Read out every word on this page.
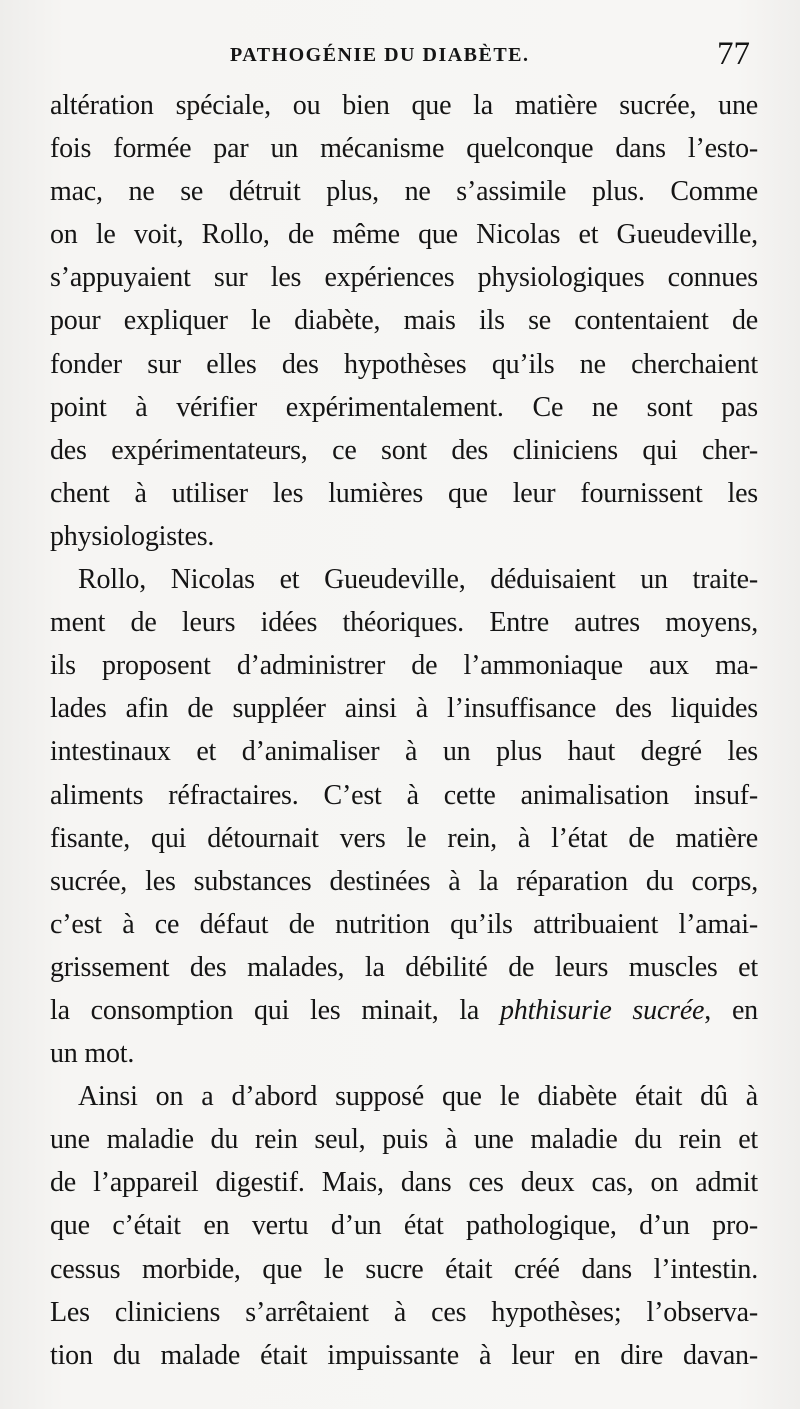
PATHOGÉNIE DU DIABÈTE.	77
altération spéciale, ou bien que la matière sucrée, une
fois formée par un mécanisme quelconque dans l’esto-
mac, ne se détruit plus, ne s’assimile plus. Comme
on le voit, Rollo, de même que Nicolas et Gueudeville,
s’appuyaient sur les expériences physiologiques connues
pour expliquer le diabète, mais ils se contentaient de
fonder sur elles des hypothèses qu’ils ne cherchaient
point à vérifier expérimentalement. Ce ne sont pas
des expérimentateurs, ce sont des cliniciens qui cher-
chent à utiliser les lumières que leur fournissent les
physiologistes.
Rollo, Nicolas et Gueudeville, déduisaient un traite-
ment de leurs idées théoriques. Entre autres moyens,
ils proposent d’administrer de l’ammoniaque aux ma-
lades afin de suppléer ainsi à l’insuffisance des liquides
intestinaux et d’animaliser à un plus haut degré les
aliments réfractaires. C’est à cette animalisation insuf-
fisante, qui détournait vers le rein, à l’état de matière
sucrée, les substances destinées à la réparation du corps,
c’est à ce défaut de nutrition qu’ils attribuaient l’amai-
grissement des malades, la débilité de leurs muscles et
la consomption qui les minait, la phthisurie sucrée, en
un mot.
Ainsi on a d’abord supposé que le diabète était dû à
une maladie du rein seul, puis à une maladie du rein et
de l’appareil digestif. Mais, dans ces deux cas, on admit
que c’était en vertu d’un état pathologique, d’un pro-
cessus morbide, que le sucre était créé dans l’intestin.
Les cliniciens s’arrêtaient à ces hypothèses; l’observa-
tion du malade était impuissante à leur en dire davan-
